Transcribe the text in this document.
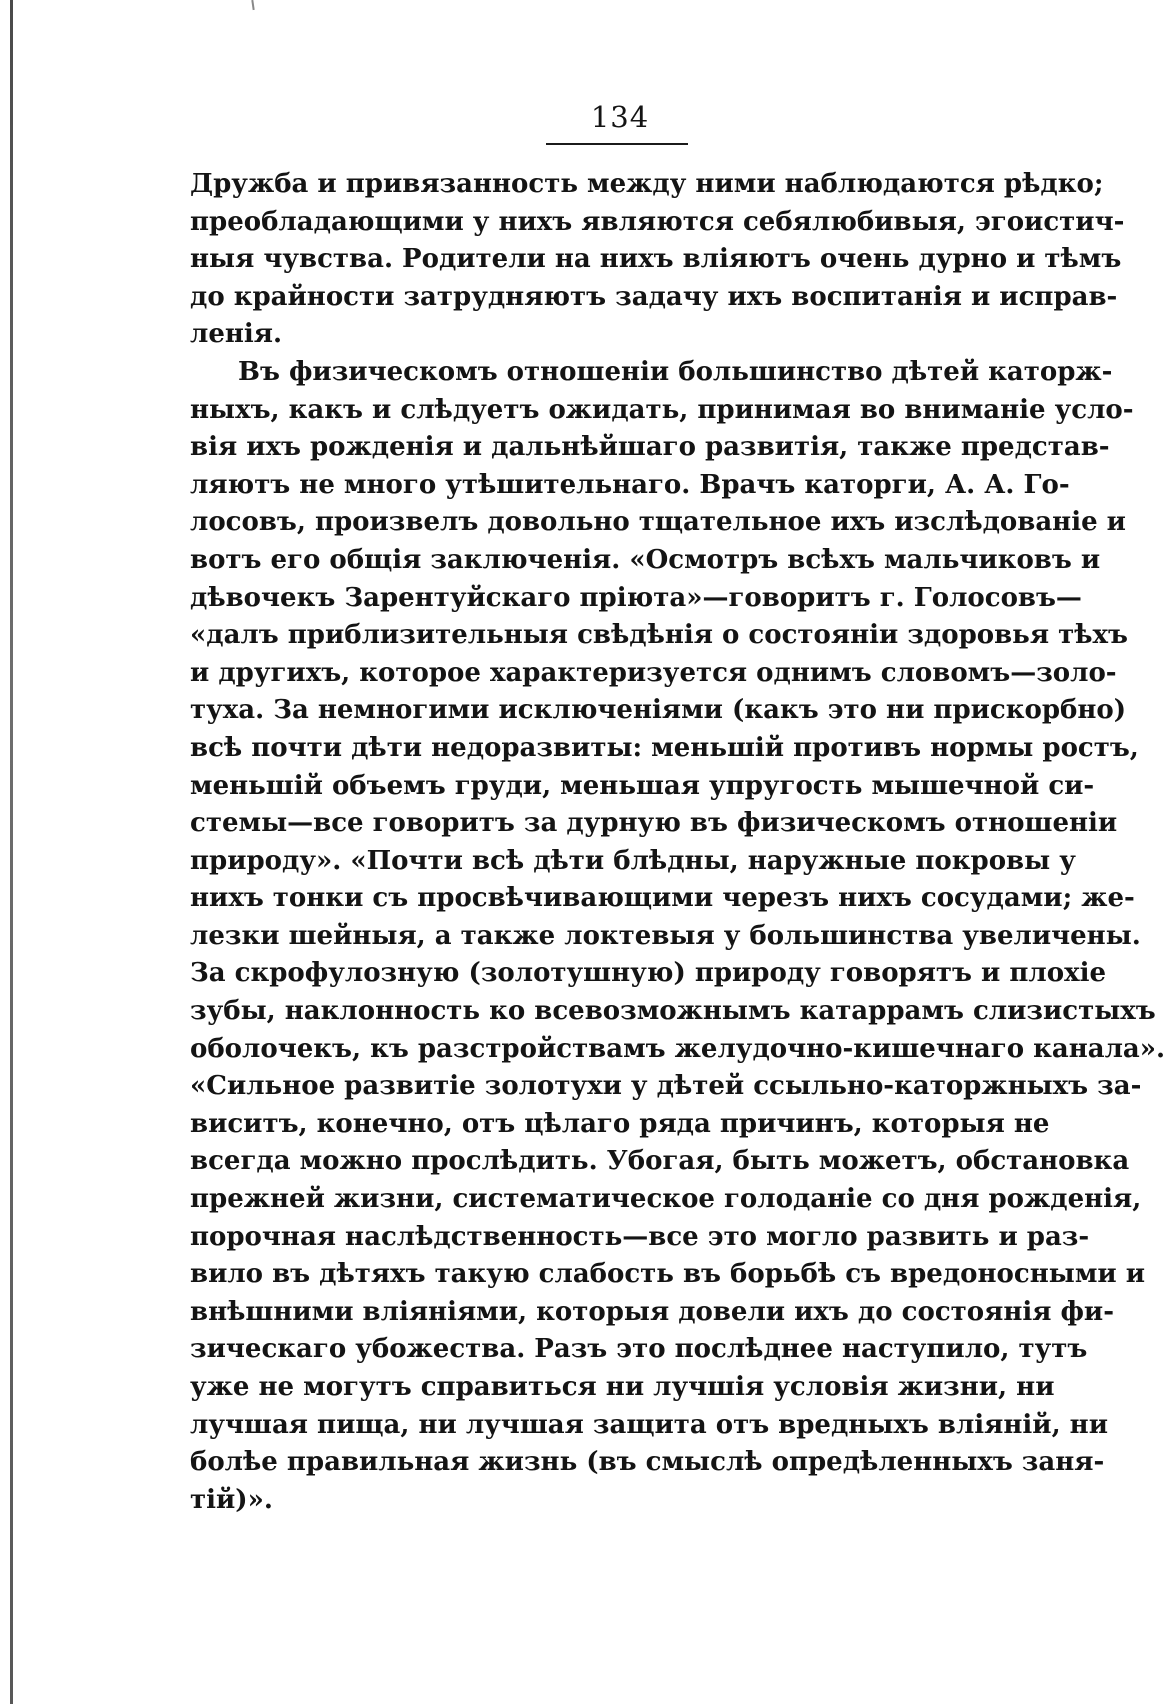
134
Дружба и привязанность между ними наблюдаются рѣдко;
преобладающими у нихъ являются себялюбивыя, эгоистич-
ныя чувства. Родители на нихъ вліяютъ очень дурно и тѣмъ
до крайности затрудняютъ задачу ихъ воспитанія и исправ-
ленія.
Въ физическомъ отношеніи большинство дѣтей каторж-
ныхъ, какъ и слѣдуетъ ожидать, принимая во вниманіе усло-
вія ихъ рожденія и дальнѣйшаго развитія, также представ-
ляютъ не много утѣшительнаго. Врачъ каторги, А. А. Го-
лосовъ, произвелъ довольно тщательное ихъ изслѣдованіе и
вотъ его общія заключенія. «Осмотръ всѣхъ мальчиковъ и
дѣвочекъ Зарентуйскаго пріюта»—говоритъ г. Голосовъ—
«далъ приблизительныя свѣдѣнія о состояніи здоровья тѣхъ
и другихъ, которое характеризуется однимъ словомъ—золо-
туха. За немногими исключеніями (какъ это ни прискорбно)
всѣ почти дѣти недоразвиты: меньшій противъ нормы ростъ,
меньшій объемъ груди, меньшая упругость мышечной си-
стемы—все говоритъ за дурную въ физическомъ отношеніи
природу». «Почти всѣ дѣти блѣдны, наружные покровы у
нихъ тонки съ просвѣчивающими черезъ нихъ сосудами; же-
лезки шейныя, а также локтевыя у большинства увеличены.
За скрофулозную (золотушную) природу говорятъ и плохіе
зубы, наклонность ко всевозможнымъ катаррамъ слизистыхъ
оболочекъ, къ разстройствамъ желудочно-кишечнаго канала».
«Сильное развитіе золотухи у дѣтей ссыльно-каторжныхъ за-
виситъ, конечно, отъ цѣлаго ряда причинъ, которыя не
всегда можно прослѣдить. Убогая, быть можетъ, обстановка
прежней жизни, систематическое голоданіе со дня рожденія,
порочная наслѣдственность—все это могло развить и раз-
вило въ дѣтяхъ такую слабость въ борьбѣ съ вредоносными и
внѣшними вліяніями, которыя довели ихъ до состоянія фи-
зическаго убожества. Разъ это послѣднее наступило, тутъ
уже не могутъ справиться ни лучшія условія жизни, ни
лучшая пища, ни лучшая защита отъ вредныхъ вліяній, ни
болѣе правильная жизнь (въ смыслѣ опредѣленныхъ заня-
тій)».
